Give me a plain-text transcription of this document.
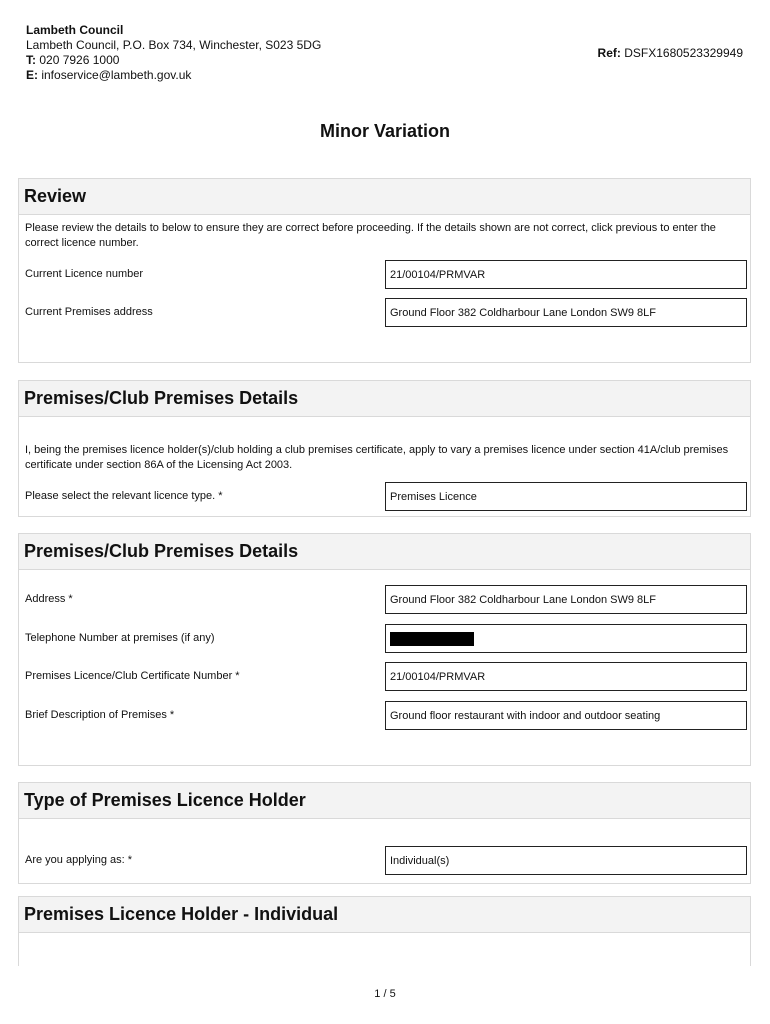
Lambeth Council
Lambeth Council, P.O. Box 734, Winchester, S023 5DG
T: 020 7926 1000
E: infoservice@lambeth.gov.uk
Ref: DSFX1680523329949
Minor Variation
Review
Please review the details to below to ensure they are correct before proceeding. If the details shown are not correct, click previous to enter the correct licence number.
Current Licence number	21/00104/PRMVAR
Current Premises address	Ground Floor 382 Coldharbour Lane London SW9 8LF
Premises/Club Premises Details
I, being the premises licence holder(s)/club holding a club premises certificate, apply to vary a premises licence under section 41A/club premises certificate under section 86A of the Licensing Act 2003.
Please select the relevant licence type. *	Premises Licence
Premises/Club Premises Details
Address *	Ground Floor 382 Coldharbour Lane London SW9 8LF
Telephone Number at premises (if any)
Premises Licence/Club Certificate Number *	21/00104/PRMVAR
Brief Description of Premises *	Ground floor restaurant with indoor and outdoor seating
Type of Premises Licence Holder
Are you applying as: *	Individual(s)
Premises Licence Holder - Individual
1 / 5
